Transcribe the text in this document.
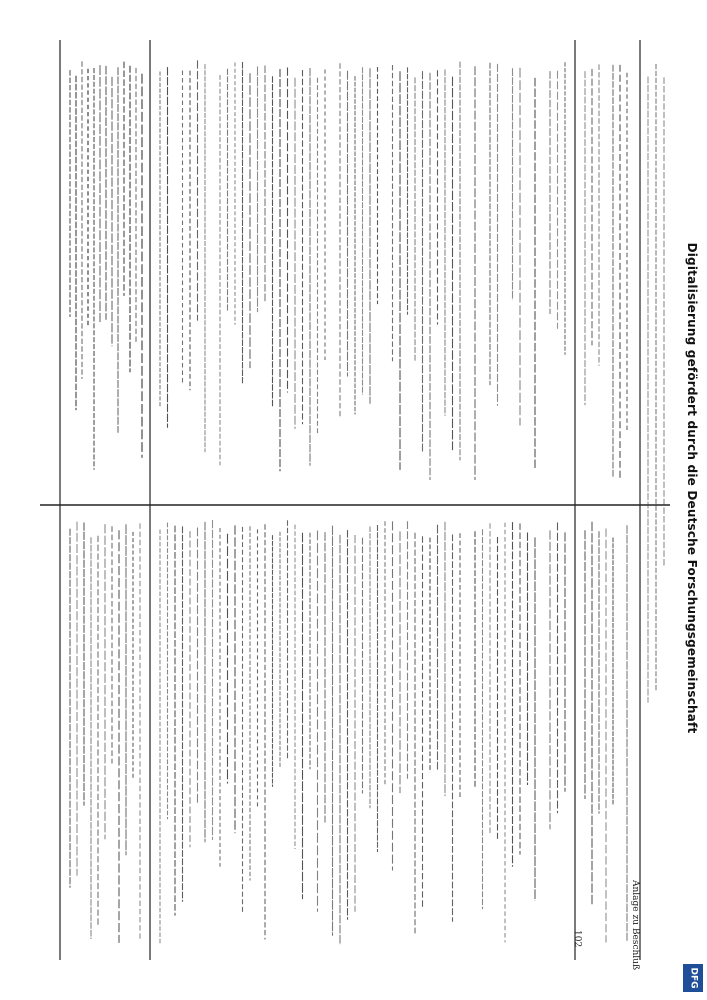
Anlage zu Beschluß
102
Digitalisierung gefördert durch die Deutsche Forschungsgemeinschaft
DFG
